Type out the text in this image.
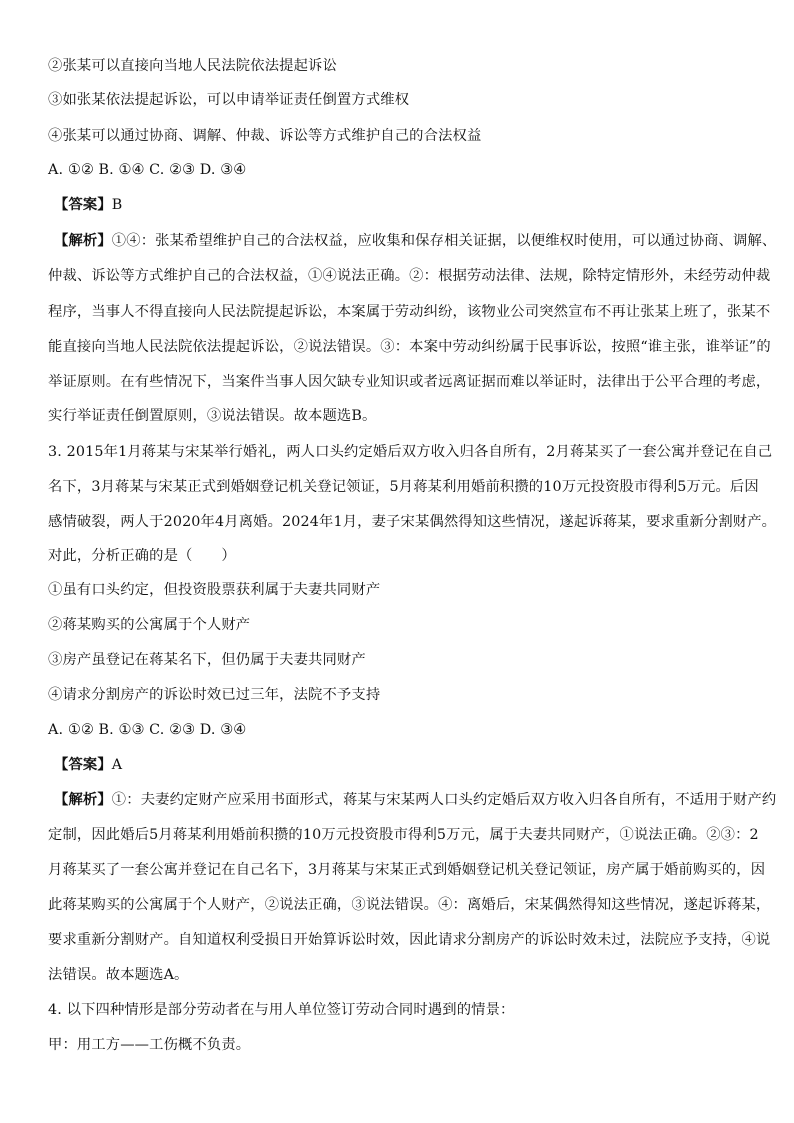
②张某可以直接向当地人民法院依法提起诉讼
③如张某依法提起诉讼，可以申请举证责任倒置方式维权
④张某可以通过协商、调解、仲裁、诉讼等方式维护自己的合法权益
A. ①② B. ①④ C. ②③ D. ③④
【答案】B
【解析】①④：张某希望维护自己的合法权益，应收集和保存相关证据，以便维权时使用，可以通过协商、调解、
仲裁、诉讼等方式维护自己的合法权益，①④说法正确。②：根据劳动法律、法规，除特定情形外，未经劳动仲裁
程序，当事人不得直接向人民法院提起诉讼，本案属于劳动纠纷，该物业公司突然宣布不再让张某上班了，张某不
能直接向当地人民法院依法提起诉讼，②说法错误。③：本案中劳动纠纷属于民事诉讼，按照“谁主张，谁举证”的
举证原则。在有些情况下，当案件当事人因欠缺专业知识或者远离证据而难以举证时，法律出于公平合理的考虑，
实行举证责任倒置原则，③说法错误。故本题选B。
3. 2015年1月蒋某与宋某举行婚礼，两人口头约定婚后双方收入归各自所有，2月蒋某买了一套公寓并登记在自己
名下，3月蒋某与宋某正式到婚姻登记机关登记领证，5月蒋某利用婚前积攒的10万元投资股市得利5万元。后因
感情破裂，两人于2020年4月离婚。2024年1月，妻子宋某偶然得知这些情况，遂起诉蒋某，要求重新分割财产。
对此，分析正确的是（　　）
①虽有口头约定，但投资股票获利属于夫妻共同财产
②蒋某购买的公寓属于个人财产
③房产虽登记在蒋某名下，但仍属于夫妻共同财产
④请求分割房产的诉讼时效已过三年，法院不予支持
A. ①② B. ①③ C. ②③ D. ③④
【答案】A
【解析】①：夫妻约定财产应采用书面形式，蒋某与宋某两人口头约定婚后双方收入归各自所有，不适用于财产约
定制，因此婚后5月蒋某利用婚前积攒的10万元投资股市得利5万元，属于夫妻共同财产，①说法正确。②③：2
月蒋某买了一套公寓并登记在自己名下，3月蒋某与宋某正式到婚姻登记机关登记领证，房产属于婚前购买的，因
此蒋某购买的公寓属于个人财产，②说法正确，③说法错误。④：离婚后，宋某偶然得知这些情况，遂起诉蒋某，
要求重新分割财产。自知道权利受损日开始算诉讼时效，因此请求分割房产的诉讼时效未过，法院应予支持，④说
法错误。故本题选A。
4. 以下四种情形是部分劳动者在与用人单位签订劳动合同时遇到的情景：
甲：用工方——工伤概不负责。
